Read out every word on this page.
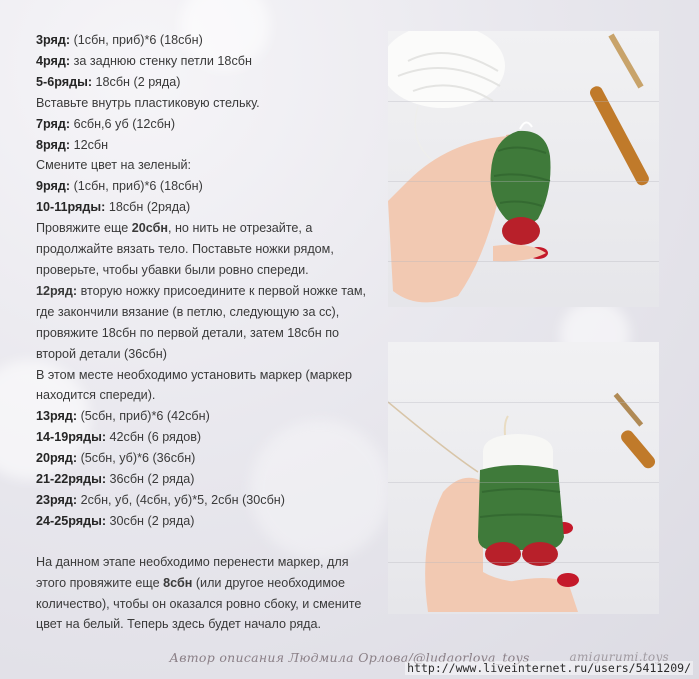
3ряд: (1сбн, приб)*6 (18сбн)
4ряд: за заднюю стенку петли 18сбн
5-6ряды: 18сбн (2 ряда)
Вставьте внутрь пластиковую стельку.
7ряд: 6сбн,6 уб (12сбн)
8ряд: 12сбн
Смените цвет на зеленый:
9ряд: (1сбн, приб)*6 (18сбн)
10-11ряды: 18сбн (2ряда)
Провяжите еще 20сбн, но нить не отрезайте, а продолжайте вязать тело. Поставьте ножки рядом, проверьте, чтобы убавки были ровно спереди.
12ряд: вторую ножку присоедините к первой ножке там, где закончили вязание (в петлю, следующую за сс), провяжите 18сбн по первой детали, затем 18сбн по второй детали (36сбн)
В этом месте необходимо установить маркер (маркер находится спереди).
13ряд: (5сбн, приб)*6 (42сбн)
14-19ряды: 42сбн (6 рядов)
20ряд: (5сбн, уб)*6 (36сбн)
21-22ряды: 36сбн (2 ряда)
23ряд: 2сбн, уб, (4сбн, уб)*5, 2сбн (30сбн)
24-25ряды: 30сбн (2 ряда)
На данном этапе необходимо перенести маркер, для этого провяжите еще 8сбн (или другое необходимое количество), чтобы он оказался ровно сбоку, и смените цвет на белый. Теперь здесь будет начало ряда.
Автор описания Людмила Орлова/@ludaorlova_toys	amigurumi.toys
http://www.liveinternet.ru/users/5411209/
